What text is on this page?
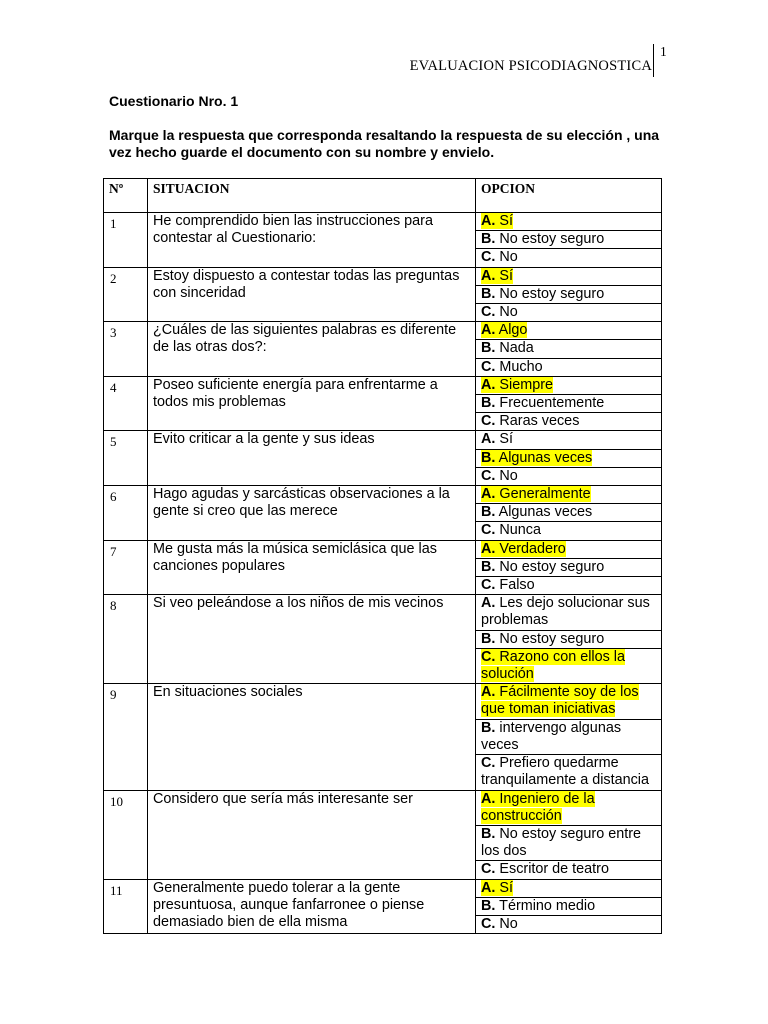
EVALUACION PSICODIAGNOSTICA
1
Cuestionario Nro. 1
Marque la respuesta que corresponda resaltando la respuesta de su elección , una vez hecho guarde el documento con su nombre y envielo.
Nº	SITUACION	OPCION
1	He comprendido bien las instrucciones para contestar al Cuestionario:	A. Sí
		B. No estoy seguro
		C. No
2	Estoy dispuesto a contestar todas las preguntas con sinceridad	A. Sí
		B. No estoy seguro
		C. No
3	¿Cuáles de las siguientes palabras es diferente de las otras dos?:	A. Algo
		B. Nada
		C. Mucho
4	Poseo suficiente energía para enfrentarme a todos mis problemas	A. Siempre
		B. Frecuentemente
		C. Raras veces
5	Evito criticar a la gente y sus ideas	A. Sí
		B. Algunas veces
		C. No
6	Hago agudas y sarcásticas observaciones a la gente si creo que las merece	A. Generalmente
		B. Algunas veces
		C. Nunca
7	Me gusta más la música semiclásica que las canciones populares	A. Verdadero
		B. No estoy seguro
		C. Falso
8	Si veo peleándose a los niños de mis vecinos	A. Les dejo solucionar sus problemas
		B. No estoy seguro
		C. Razono con ellos la solución
9	En situaciones sociales	A. Fácilmente soy de los que toman iniciativas
		B. intervengo algunas veces
		C. Prefiero quedarme tranquilamente a distancia
10	Considero que sería más interesante ser	A. Ingeniero de la construcción
		B. No estoy seguro entre los dos
		C. Escritor de teatro
11	Generalmente puedo tolerar a la gente presuntuosa, aunque fanfarronee o piense demasiado bien de ella misma	A. Sí
		B. Término medio
		C. No
